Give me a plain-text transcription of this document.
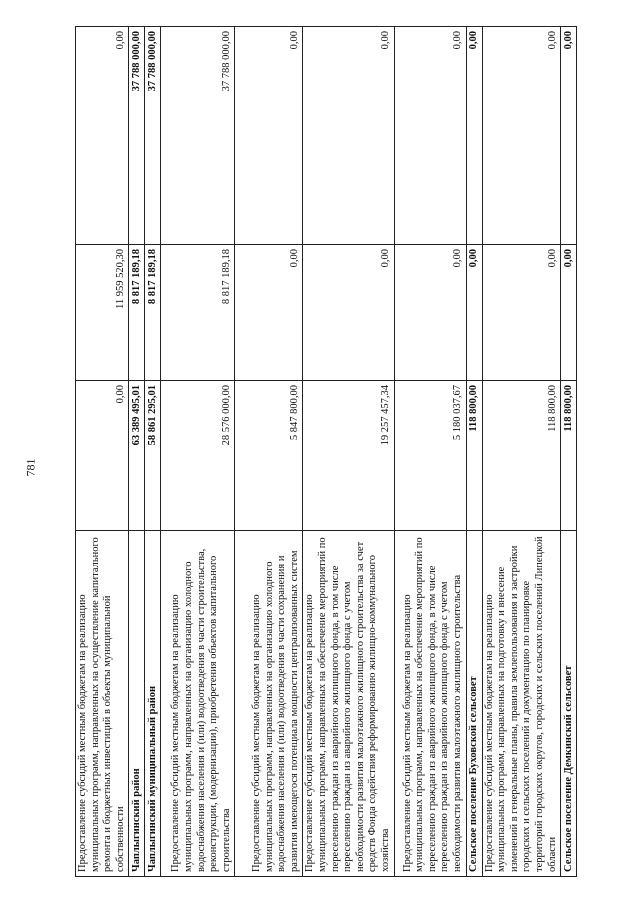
781
Предоставление субсидий местным бюджетам на реализацию муниципальных программ, направленных на осуществление капитального ремонта и бюджетных инвестиций в объекты муниципальной собственности	0,00	11 959 520,30	0,00
Чаплыгинский район	63 389 495,01	8 817 189,18	37 788 000,00
Чаплыгинский муниципальный район	58 861 295,01	8 817 189,18	37 788 000,00
Предоставление субсидий местным бюджетам на реализацию муниципальных программ, направленных на организацию холодного водоснабжения населения и (или) водоотведения в части строительства, реконструкции, (модернизации), приобретения объектов капитального строительства	28 576 000,00	8 817 189,18	37 788 000,00
Предоставление субсидий местным бюджетам на реализацию муниципальных программ, направленных на организацию холодного водоснабжения населения и (или) водоотведения в части сохранения и развития имеющегося потенциала мощности централизованных систем	5 847 800,00	0,00	0,00
Предоставление субсидий местным бюджетам на реализацию муниципальных программ, направленных на обеспечение мероприятий по переселению граждан из аварийного жилищного фонда, в том числе переселению граждан из аварийного жилищного фонда с учетом необходимости развития малоэтажного жилищного строительства за счет средств Фонда содействия реформированию жилищно-коммунального хозяйства	19 257 457,34	0,00	0,00
Предоставление субсидий местным бюджетам на реализацию муниципальных программ, направленных на обеспечение мероприятий по переселению граждан из аварийного жилищного фонда, в том числе переселению граждан из аварийного жилищного фонда с учетом необходимости развития малоэтажного жилищного строительства	5 180 037,67	0,00	0,00
Сельское поселение Буховской сельсовет	118 800,00	0,00	0,00
Предоставление субсидий местным бюджетам на реализацию муниципальных программ, направленных на подготовку и внесение изменений в генеральные планы, правила землепользования и застройки городских и сельских поселений и документацию по планировке территорий городских округов, городских и сельских поселений Липецкой области	118 800,00	0,00	0,00
Сельское поселение Демкинский сельсовет	118 800,00	0,00	0,00
